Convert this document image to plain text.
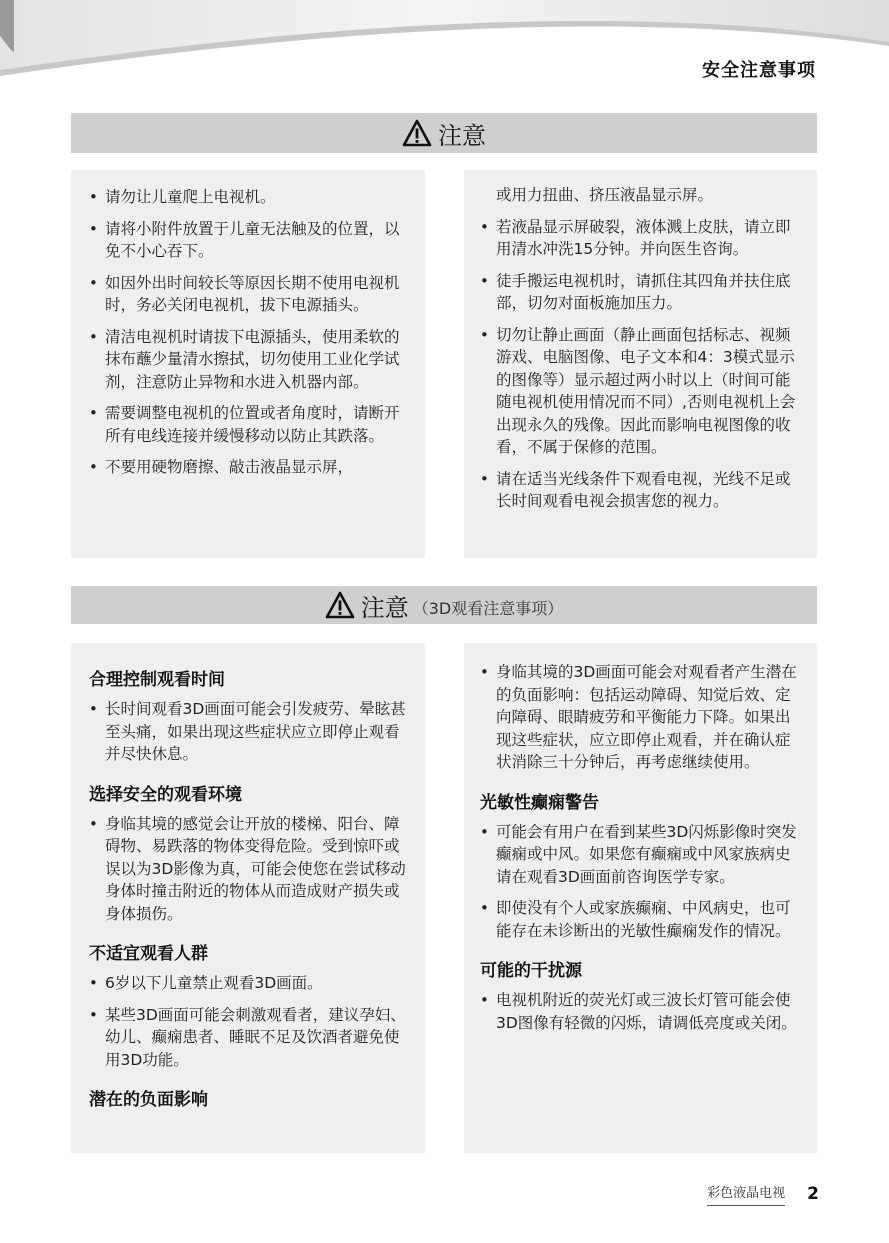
安全注意事项
注意
• 请勿让儿童爬上电视机。
• 请将小附件放置于儿童无法触及的位置，以免不小心吞下。
• 如因外出时间较长等原因长期不使用电视机时，务必关闭电视机，拔下电源插头。
• 清洁电视机时请拔下电源插头，使用柔软的抹布蘸少量清水擦拭，切勿使用工业化学试剂，注意防止异物和水进入机器内部。
• 需要调整电视机的位置或者角度时，请断开所有电线连接并缓慢移动以防止其跌落。
• 不要用硬物磨擦、敲击液晶显示屏，
或用力扭曲、挤压液晶显示屏。
• 若液晶显示屏破裂，液体溅上皮肤，请立即用清水冲洗15分钟。并向医生咨询。
• 徒手搬运电视机时，请抓住其四角并扶住底部，切勿对面板施加压力。
• 切勿让静止画面（静止画面包括标志、视频游戏、电脑图像、电子文本和4：3模式显示的图像等）显示超过两小时以上（时间可能随电视机使用情况而不同）,否则电视机上会出现永久的残像。因此而影响电视图像的收看，不属于保修的范围。
• 请在适当光线条件下观看电视，光线不足或长时间观看电视会损害您的视力。
注意 （3D观看注意事项）
合理控制观看时间
• 长时间观看3D画面可能会引发疲劳、晕眩甚至头痛，如果出现这些症状应立即停止观看并尽快休息。
选择安全的观看环境
• 身临其境的感觉会让开放的楼梯、阳台、障碍物、易跌落的物体变得危险。受到惊吓或误以为3D影像为真，可能会使您在尝试移动身体时撞击附近的物体从而造成财产损失或身体损伤。
不适宜观看人群
• 6岁以下儿童禁止观看3D画面。
• 某些3D画面可能会刺激观看者，建议孕妇、幼儿、癫痫患者、睡眠不足及饮酒者避免使用3D功能。
潜在的负面影响
• 身临其境的3D画面可能会对观看者产生潜在的负面影响：包括运动障碍、知觉后效、定向障碍、眼睛疲劳和平衡能力下降。如果出现这些症状，应立即停止观看，并在确认症状消除三十分钟后，再考虑继续使用。
光敏性癫痫警告
• 可能会有用户在看到某些3D闪烁影像时突发癫痫或中风。如果您有癫痫或中风家族病史请在观看3D画面前咨询医学专家。
• 即使没有个人或家族癫痫、中风病史，也可能存在未诊断出的光敏性癫痫发作的情况。
可能的干扰源
• 电视机附近的荧光灯或三波长灯管可能会使3D图像有轻微的闪烁，请调低亮度或关闭。
彩色液晶电视 2
